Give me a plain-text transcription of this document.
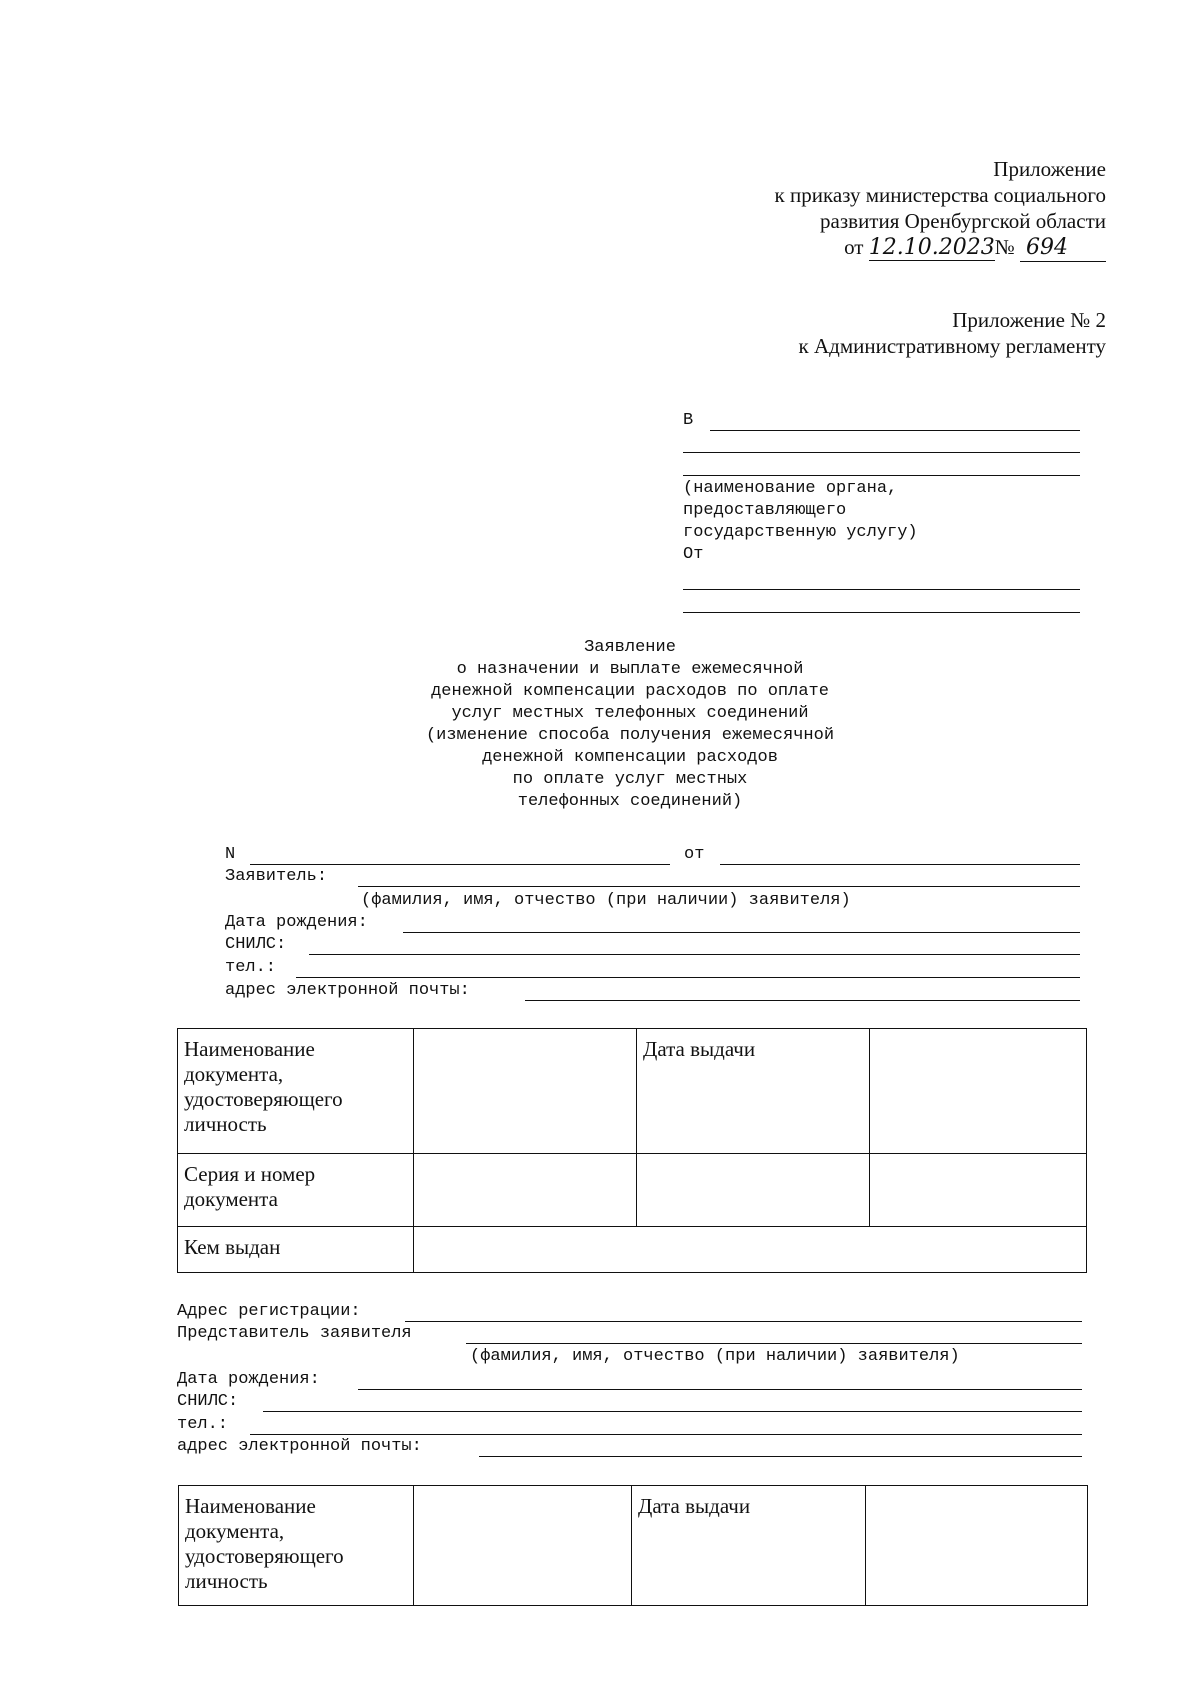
Приложение
к приказу министерства социального
развития Оренбургской области
от 12.10.2023№ 694
Приложение № 2
к Административному регламенту
В
(наименование органа,
предоставляющего
государственную услугу)
От
Заявление
о назначении и выплате ежемесячной
денежной компенсации расходов по оплате
услуг местных телефонных соединений
(изменение способа получения ежемесячной
денежной компенсации расходов
по оплате услуг местных
телефонных соединений)
N	от
Заявитель:
(фамилия, имя, отчество (при наличии) заявителя)
Дата рождения:
СНИЛС:
тел.:
адрес электронной почты:
Наименование документа, удостоверяющего личность		Дата выдачи	
Серия и номер документа			
Кем выдан			
Адрес регистрации:
Представитель заявителя
(фамилия, имя, отчество (при наличии) заявителя)
Дата рождения:
СНИЛС:
тел.:
адрес электронной почты:
Наименование документа, удостоверяющего личность		Дата выдачи	
